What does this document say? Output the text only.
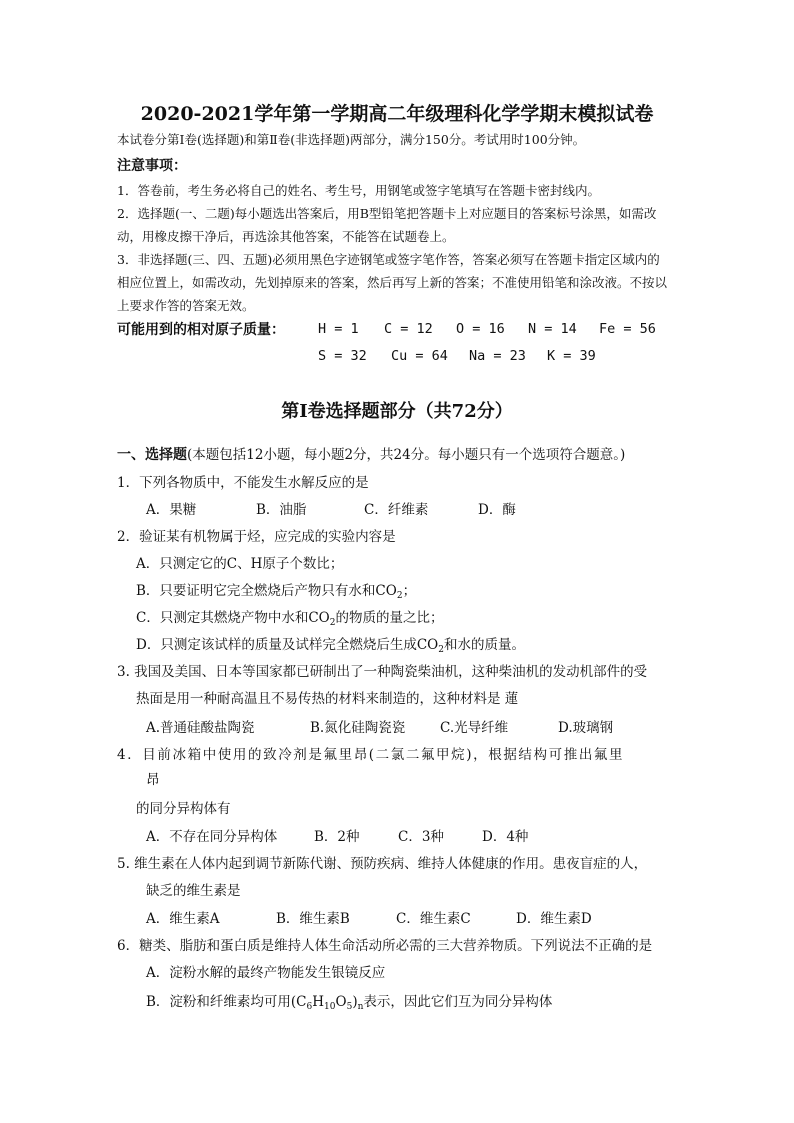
2020-2021学年第一学期高二年级理科化学学期末模拟试卷
本试卷分第Ⅰ卷(选择题)和第Ⅱ卷(非选择题)两部分，满分150分。考试用时100分钟。
注意事项：
1．答卷前，考生务必将自己的姓名、考生号，用钢笔或签字笔填写在答题卡密封线内。
2．选择题(一、二题)每小题选出答案后，用B型铅笔把答题卡上对应题目的答案标号涂黑，如需改
动，用橡皮擦干净后，再选涂其他答案，不能答在试题卷上。
3．非选择题(三、四、五题)必须用黑色字迹钢笔或签字笔作答，答案必须写在答题卡指定区域内的
相应位置上，如需改动，先划掉原来的答案，然后再写上新的答案；不准使用铅笔和涂改液。不按以
上要求作答的答案无效。
可能用到的相对原子质量： H = 1 C = 12 O = 16 N = 14 Fe = 56
S = 32 Cu = 64 Na = 23 K = 39
第Ⅰ卷选择题部分（共72分）
一、选择题(本题包括12小题，每小题2分，共24分。每小题只有一个选项符合题意。)
1．下列各物质中，不能发生水解反应的是
A．果糖	B．油脂	C．纤维素	D．酶
2．验证某有机物属于烃，应完成的实验内容是
A．只测定它的C、H原子个数比；
B．只要证明它完全燃烧后产物只有水和$CO_2$；
C．只测定其燃烧产物中水和$CO_2$的物质的量之比；
D．只测定该试样的质量及试样完全燃烧后生成$CO_2$和水的质量。
3. 我国及美国、日本等国家都已研制出了一种陶瓷柴油机，这种柴油机的发动机部件的受
热面是用一种耐高温且不易传热的材料来制造的，这种材料是 蓮
A.普通硅酸盐陶瓷	B.氮化硅陶瓷瓷	C.光导纤维	D.玻璃钢
4．目前冰箱中使用的致冷剂是氟里昂(二氯二氟甲烷)，根据结构可推出氟里
昂
的同分异构体有
A．不存在同分异构体	B．2种	C．3种	D．4种
5. 维生素在人体内起到调节新陈代谢、预防疾病、维持人体健康的作用。患夜盲症的人，
缺乏的维生素是
A．维生素A	B．维生素B	C．维生素C	D．维生素D
6．糖类、脂肪和蛋白质是维持人体生命活动所必需的三大营养物质。下列说法不正确的是
A．淀粉水解的最终产物能发生银镜反应
B．淀粉和纤维素均可用$(C_6H_{10}O_5)_n$表示，因此它们互为同分异构体
